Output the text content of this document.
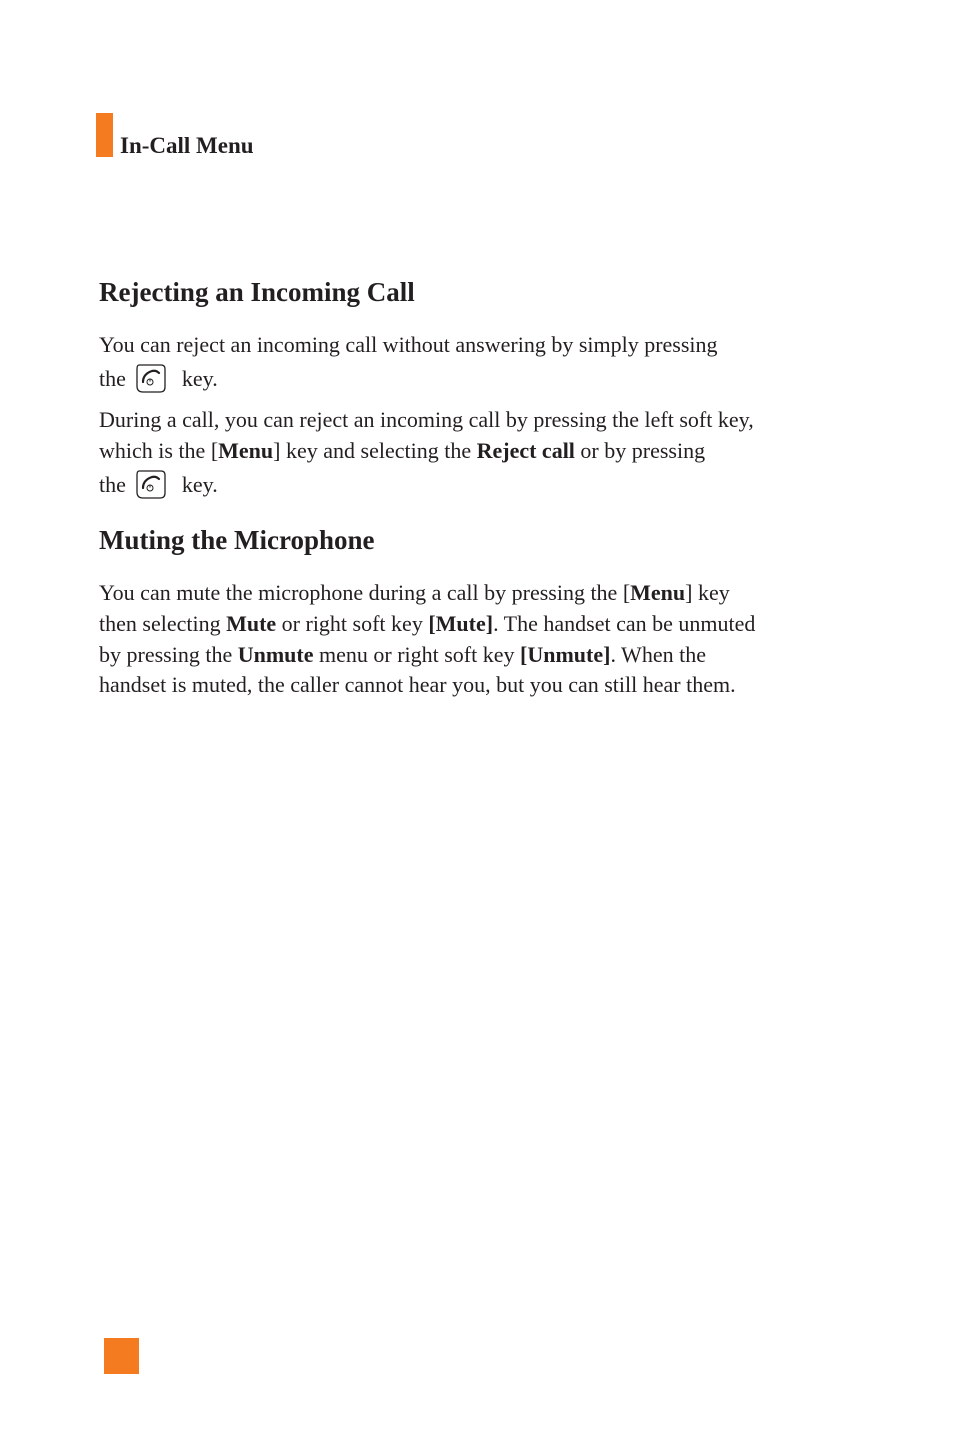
In-Call Menu
Rejecting an Incoming Call
You can reject an incoming call without answering by simply pressing
the	key.
During a call, you can reject an incoming call by pressing the left soft key,
which is the [Menu] key and selecting the Reject call or by pressing
the	key.
Muting the Microphone
You can mute the microphone during a call by pressing the [Menu] key
then selecting Mute or right soft key [Mute]. The handset can be unmuted
by pressing the Unmute menu or right soft key [Unmute]. When the
handset is muted, the caller cannot hear you, but you can still hear them.
